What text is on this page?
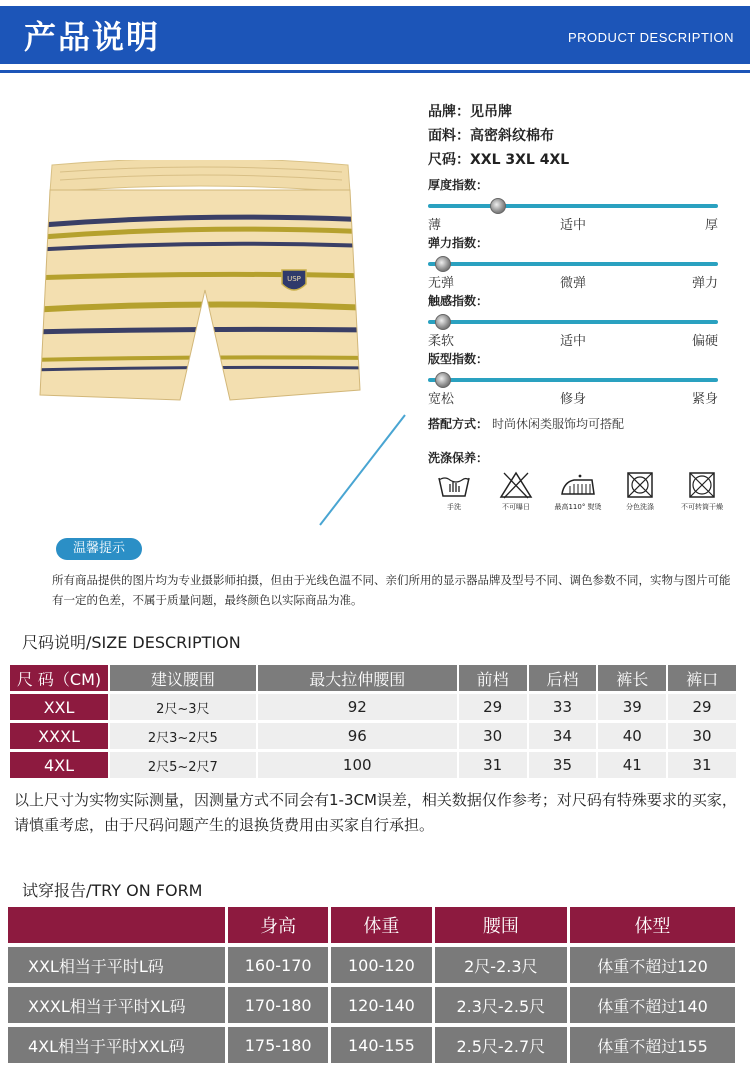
产品说明	PRODUCT DESCRIPTION
USP
品牌：见吊牌
面料：高密斜纹棉布
尺码：XXL 3XL 4XL
厚度指数：
薄	适中	厚
弹力指数：
无弹	微弹	弹力
触感指数：
柔软	适中	偏硬
版型指数：
宽松	修身	紧身
搭配方式： 时尚休闲类服饰均可搭配
洗涤保养：
手洗	不可曝日	最高110° 熨烫	分色洗涤	不可转筒干燥
温馨提示
所有商品提供的图片均为专业摄影师拍摄，但由于光线色温不同、亲们所用的显示器品牌及型号不同、调色参数不同，实物与图片可能有一定的色差，不属于质量问题，最终颜色以实际商品为准。
尺码说明/SIZE DESCRIPTION
尺 码（CM)	建议腰围	最大拉伸腰围	前档	后档	裤长	裤口
XXL	2尺~3尺	92	29	33	39	29
XXXL	2尺3~2尺5	96	30	34	40	30
4XL	2尺5~2尺7	100	31	35	41	31
以上尺寸为实物实际测量，因测量方式不同会有1-3CM误差，相关数据仅作参考；对尺码有特殊要求的买家，请慎重考虑，由于尺码问题产生的退换货费用由买家自行承担。
试穿报告/TRY ON FORM
	身高	体重	腰围	体型
XXL相当于平时L码	160-170	100-120	2尺-2.3尺	体重不超过120
XXXL相当于平时XL码	170-180	120-140	2.3尺-2.5尺	体重不超过140
4XL相当于平时XXL码	175-180	140-155	2.5尺-2.7尺	体重不超过155
